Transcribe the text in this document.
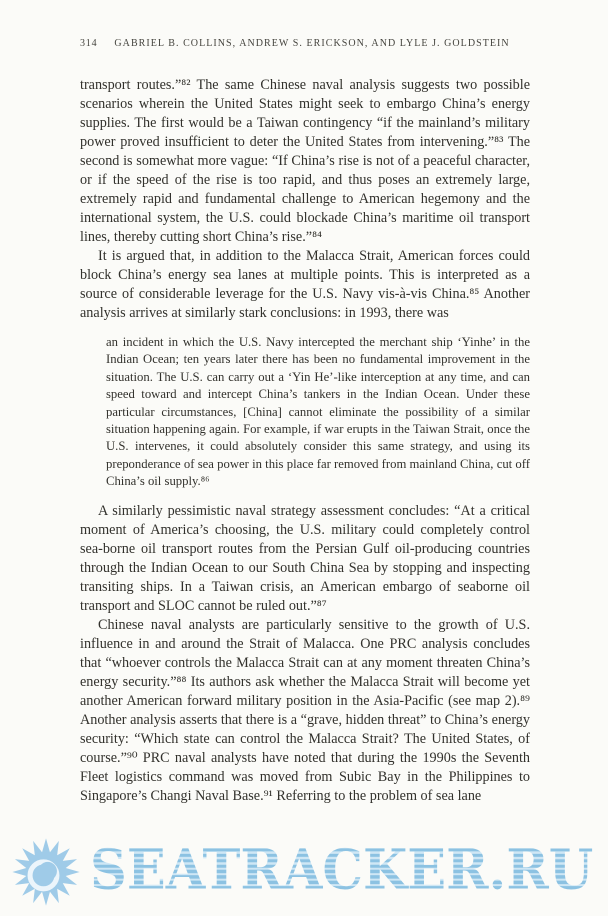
314 GABRIEL B. COLLINS, ANDREW S. ERICKSON, AND LYLE J. GOLDSTEIN

transport routes.”⁸² The same Chinese naval analysis suggests two possible scenarios wherein the United States might seek to embargo China’s energy supplies. The first would be a Taiwan contingency “if the mainland’s military power proved insufficient to deter the United States from intervening.”⁸³ The second is somewhat more vague: “If China’s rise is not of a peaceful character, or if the speed of the rise is too rapid, and thus poses an extremely large, extremely rapid and fundamental challenge to American hegemony and the international system, the U.S. could blockade China’s maritime oil transport lines, thereby cutting short China’s rise.”⁸⁴

It is argued that, in addition to the Malacca Strait, American forces could block China’s energy sea lanes at multiple points. This is interpreted as a source of considerable leverage for the U.S. Navy vis-à-vis China.⁸⁵ Another analysis arrives at similarly stark conclusions: in 1993, there was

an incident in which the U.S. Navy intercepted the merchant ship ‘Yinhe’ in the Indian Ocean; ten years later there has been no fundamental improvement in the situation. The U.S. can carry out a ‘Yin He’-like interception at any time, and can speed toward and intercept China’s tankers in the Indian Ocean. Under these particular circumstances, [China] cannot eliminate the possibility of a similar situation happening again. For example, if war erupts in the Taiwan Strait, once the U.S. intervenes, it could absolutely consider this same strategy, and using its preponderance of sea power in this place far removed from mainland China, cut off China’s oil supply.⁸⁶

A similarly pessimistic naval strategy assessment concludes: “At a critical moment of America’s choosing, the U.S. military could completely control sea-borne oil transport routes from the Persian Gulf oil-producing countries through the Indian Ocean to our South China Sea by stopping and inspecting transiting ships. In a Taiwan crisis, an American embargo of seaborne oil transport and SLOC cannot be ruled out.”⁸⁷

Chinese naval analysts are particularly sensitive to the growth of U.S. influence in and around the Strait of Malacca. One PRC analysis concludes that “whoever controls the Malacca Strait can at any moment threaten China’s energy security.”⁸⁸ Its authors ask whether the Malacca Strait will become yet another American forward military position in the Asia-Pacific (see map 2).⁸⁹ Another analysis asserts that there is a “grave, hidden threat” to China’s energy security: “Which state can control the Malacca Strait? The United States, of course.”⁹⁰ PRC naval analysts have noted that during the 1990s the Seventh Fleet logistics command was moved from Subic Bay in the Philippines to Singapore’s Changi Naval Base.⁹¹ Referring to the problem of sea lane

SEATRACKER.RU
